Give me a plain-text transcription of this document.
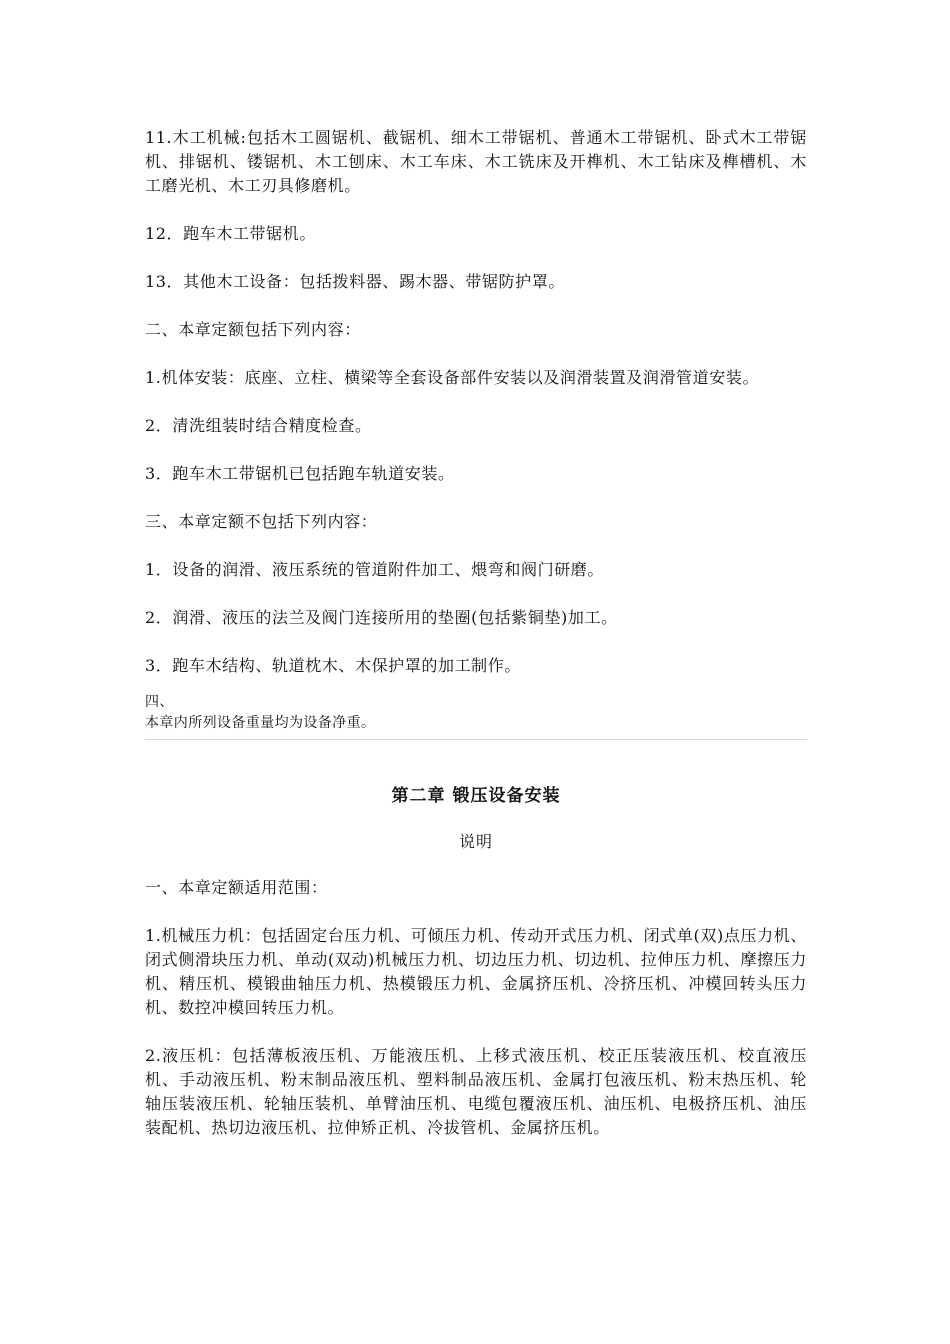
11.木工机械:包括木工圆锯机、截锯机、细木工带锯机、普通木工带锯机、卧式木工带锯机、排锯机、镂锯机、木工刨床、木工车床、木工铣床及开榫机、木工钻床及榫槽机、木工磨光机、木工刃具修磨机。

12．跑车木工带锯机。

13．其他木工设备：包括拨料器、踢木器、带锯防护罩。

二、本章定额包括下列内容：

1.机体安装：底座、立柱、横梁等全套设备部件安装以及润滑装置及润滑管道安装。

2．清洗组装时结合精度检查。

3．跑车木工带锯机已包括跑车轨道安装。

三、本章定额不包括下列内容：

1．设备的润滑、液压系统的管道附件加工、煨弯和阀门研磨。

2．润滑、液压的法兰及阀门连接所用的垫圈(包括紫铜垫)加工。

3．跑车木结构、轨道枕木、木保护罩的加工制作。

四、

本章内所列设备重量均为设备净重。

第二章 锻压设备安装
说明

一、本章定额适用范围：

1.机械压力机：包括固定台压力机、可倾压力机、传动开式压力机、闭式单(双)点压力机、闭式侧滑块压力机、单动(双动)机械压力机、切边压力机、切边机、拉伸压力机、摩擦压力机、精压机、模锻曲轴压力机、热模锻压力机、金属挤压机、冷挤压机、冲模回转头压力机、数控冲模回转压力机。

2.液压机：包括薄板液压机、万能液压机、上移式液压机、校正压装液压机、校直液压机、手动液压机、粉末制品液压机、塑料制品液压机、金属打包液压机、粉末热压机、轮轴压装液压机、轮轴压装机、单臂油压机、电缆包覆液压机、油压机、电极挤压机、油压装配机、热切边液压机、拉伸矫正机、冷拔管机、金属挤压机。
